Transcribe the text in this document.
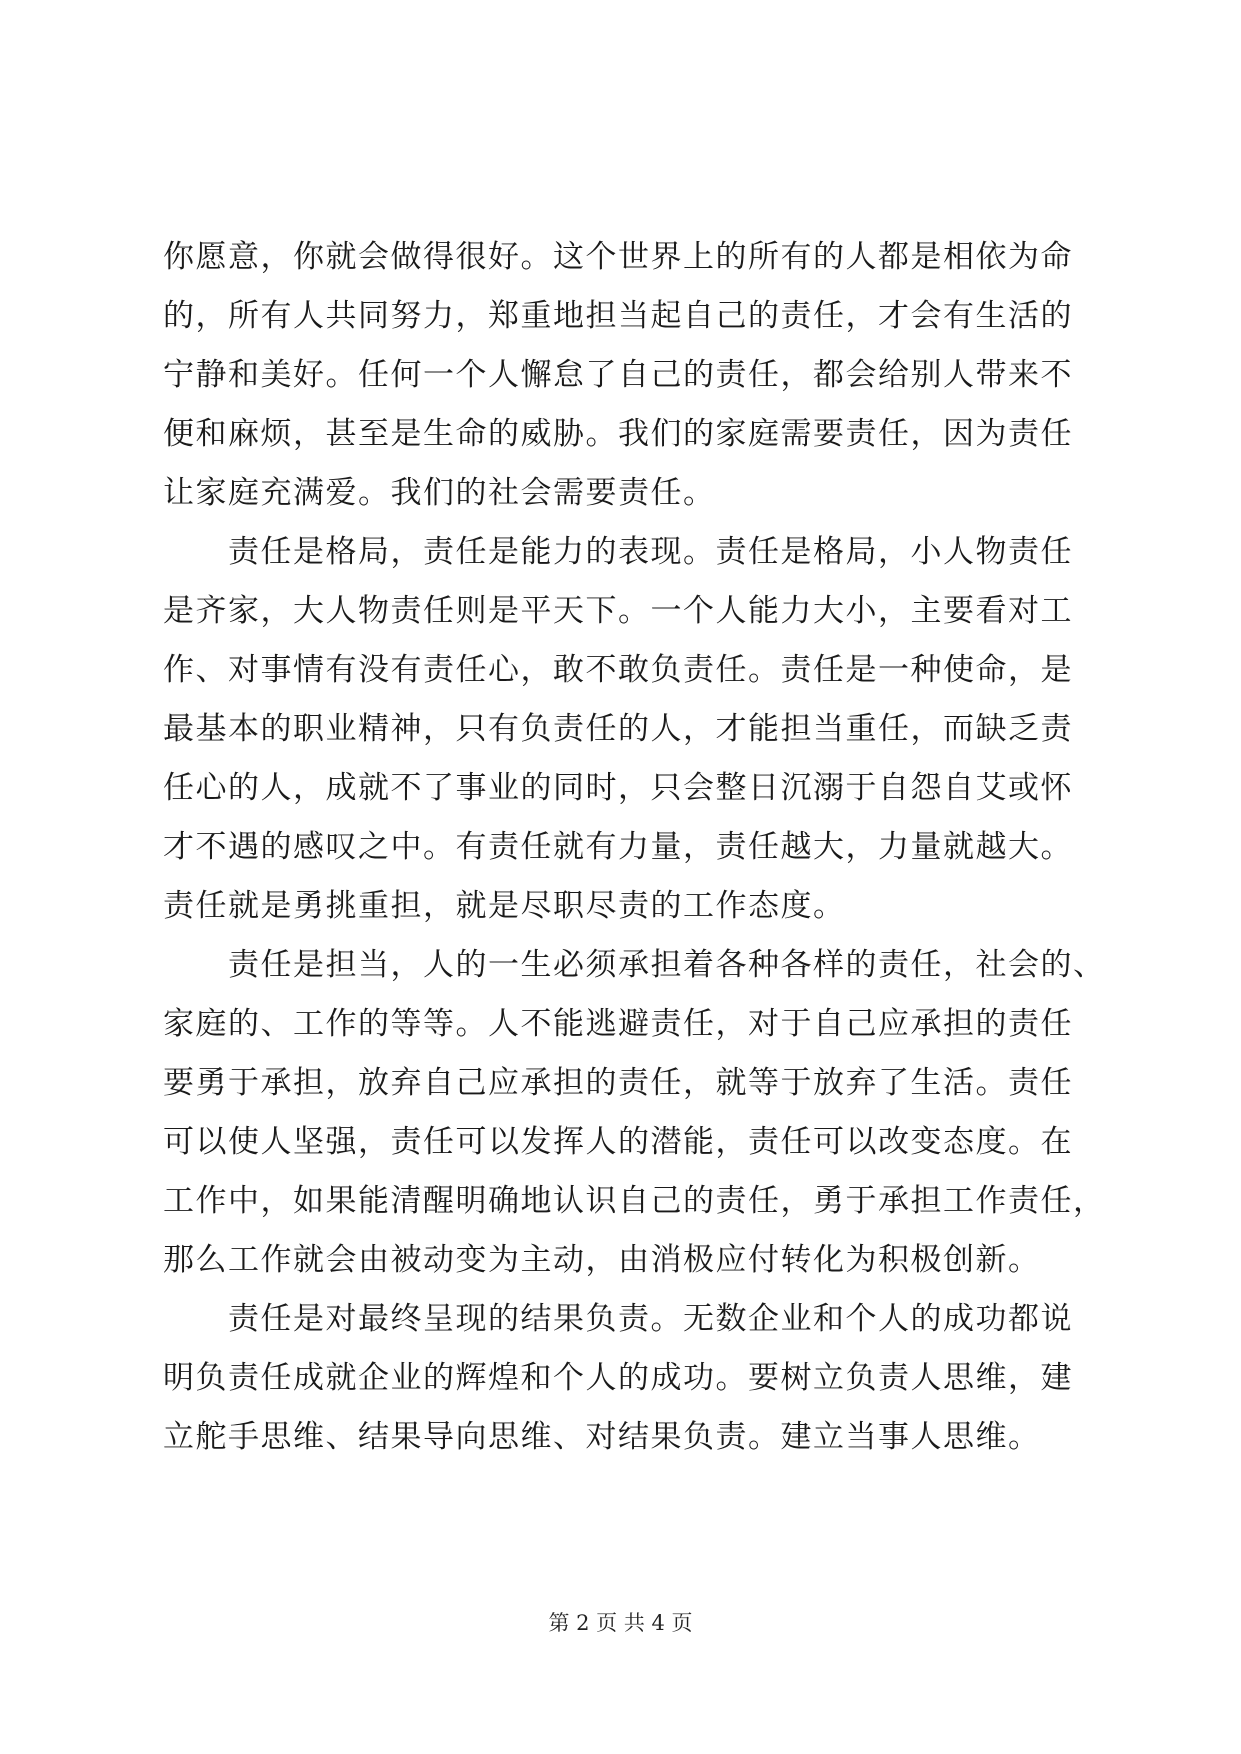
你愿意，你就会做得很好。这个世界上的所有的人都是相依为命
的，所有人共同努力，郑重地担当起自己的责任，才会有生活的
宁静和美好。任何一个人懈怠了自己的责任，都会给别人带来不
便和麻烦，甚至是生命的威胁。我们的家庭需要责任，因为责任
让家庭充满爱。我们的社会需要责任。
　　责任是格局，责任是能力的表现。责任是格局，小人物责任
是齐家，大人物责任则是平天下。一个人能力大小，主要看对工
作、对事情有没有责任心，敢不敢负责任。责任是一种使命，是
最基本的职业精神，只有负责任的人，才能担当重任，而缺乏责
任心的人，成就不了事业的同时，只会整日沉溺于自怨自艾或怀
才不遇的感叹之中。有责任就有力量，责任越大，力量就越大。
责任就是勇挑重担，就是尽职尽责的工作态度。
　　责任是担当，人的一生必须承担着各种各样的责任，社会的、
家庭的、工作的等等。人不能逃避责任，对于自己应承担的责任
要勇于承担，放弃自己应承担的责任，就等于放弃了生活。责任
可以使人坚强，责任可以发挥人的潜能，责任可以改变态度。在
工作中，如果能清醒明确地认识自己的责任，勇于承担工作责任，
那么工作就会由被动变为主动，由消极应付转化为积极创新。
　　责任是对最终呈现的结果负责。无数企业和个人的成功都说
明负责任成就企业的辉煌和个人的成功。要树立负责人思维，建
立舵手思维、结果导向思维、对结果负责。建立当事人思维。
第 2 页 共 4 页
